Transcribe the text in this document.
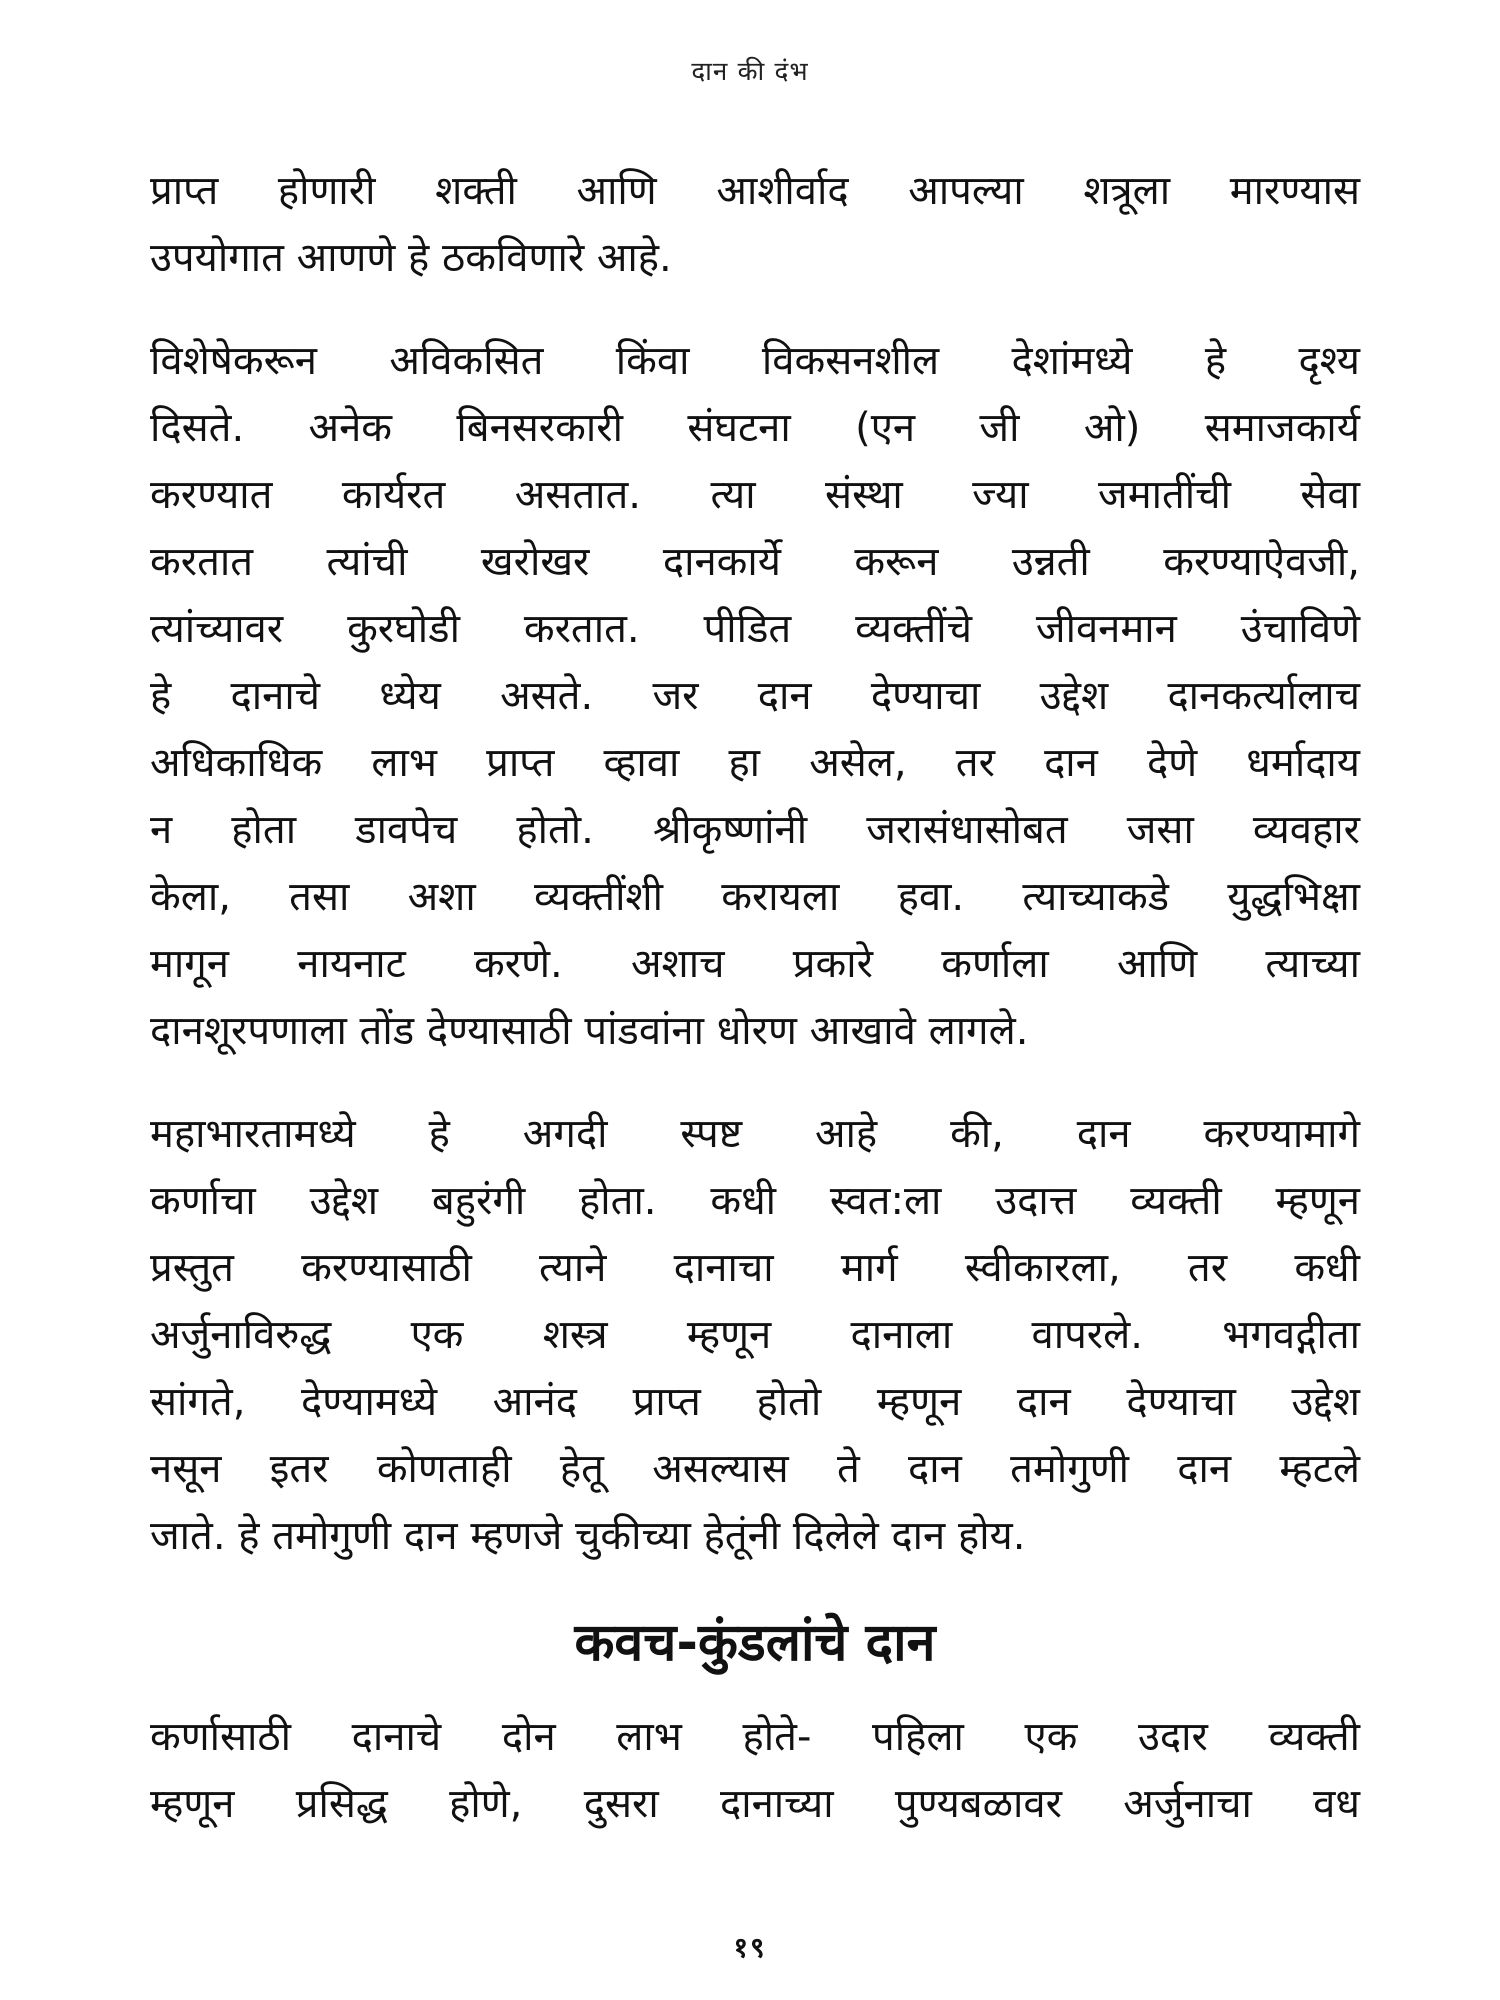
दान की दंभ

प्राप्त होणारी शक्ती आणि आशीर्वाद आपल्या शत्रूला मारण्यास
उपयोगात आणणे हे ठकविणारे आहे.

विशेषेकरून अविकसित किंवा विकसनशील देशांमध्ये हे दृश्य
दिसते. अनेक बिनसरकारी संघटना (एन जी ओ) समाजकार्य
करण्यात कार्यरत असतात. त्या संस्था ज्या जमातींची सेवा
करतात त्यांची खरोखर दानकार्ये करून उन्नती करण्याऐवजी,
त्यांच्यावर कुरघोडी करतात. पीडित व्यक्तींचे जीवनमान उंचाविणे
हे दानाचे ध्येय असते. जर दान देण्याचा उद्देश दानकर्त्यालाच
अधिकाधिक लाभ प्राप्त व्हावा हा असेल, तर दान देणे धर्मादाय
न होता डावपेच होतो. श्रीकृष्णांनी जरासंधासोबत जसा व्यवहार
केला, तसा अशा व्यक्तींशी करायला हवा. त्याच्याकडे युद्धभिक्षा
मागून नायनाट करणे. अशाच प्रकारे कर्णाला आणि त्याच्या
दानशूरपणाला तोंड देण्यासाठी पांडवांना धोरण आखावे लागले.

महाभारतामध्ये हे अगदी स्पष्ट आहे की, दान करण्यामागे
कर्णाचा उद्देश बहुरंगी होता. कधी स्वत:ला उदात्त व्यक्ती म्हणून
प्रस्तुत करण्यासाठी त्याने दानाचा मार्ग स्वीकारला, तर कधी
अर्जुनाविरुद्ध एक शस्त्र म्हणून दानाला वापरले. भगवद्गीता
सांगते, देण्यामध्ये आनंद प्राप्त होतो म्हणून दान देण्याचा उद्देश
नसून इतर कोणताही हेतू असल्यास ते दान तमोगुणी दान म्हटले
जाते. हे तमोगुणी दान म्हणजे चुकीच्या हेतूंनी दिलेले दान होय.

कवच-कुंडलांचे दान

कर्णासाठी दानाचे दोन लाभ होते- पहिला एक उदार व्यक्ती
म्हणून प्रसिद्ध होणे, दुसरा दानाच्या पुण्यबळावर अर्जुनाचा वध

१९
